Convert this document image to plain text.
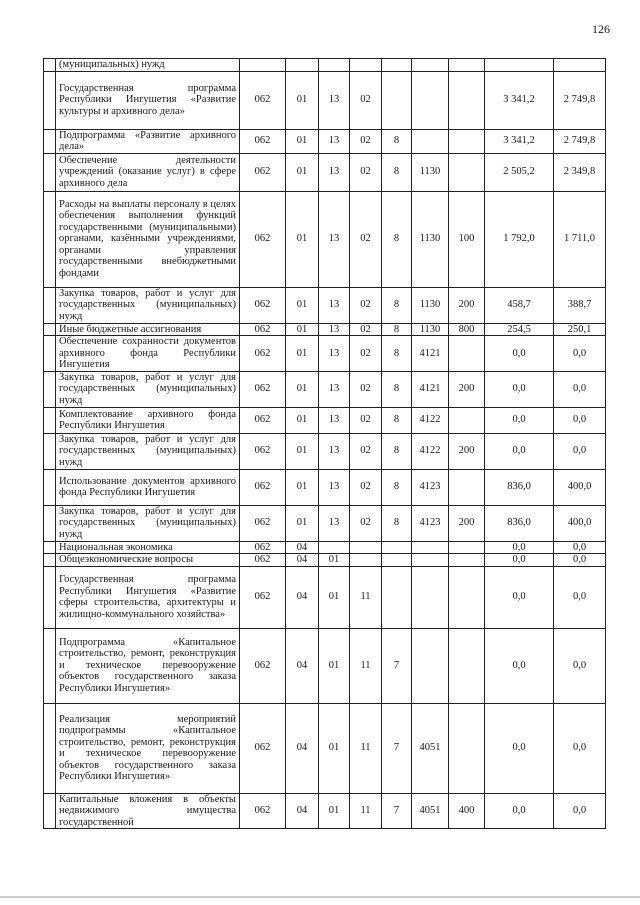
126
	(муниципальных) нужд									
	Государственная программа Республики Ингушетия «Развитие культуры и архивного дела»	062	01	13	02				3 341,2	2 749,8
	Подпрограмма «Развитие архивного дела»	062	01	13	02	8			3 341,2	2 749,8
	Обеспечение деятельности учреждений (оказание услуг) в сфере архивного дела	062	01	13	02	8	1130		2 505,2	2 349,8
	Расходы на выплаты персоналу в целях обеспечения выполнения функций государственными (муниципальными) органами, казёнными учреждениями, органами управления государственными внебюджетными фондами	062	01	13	02	8	1130	100	1 792,0	1 711,0
	Закупка товаров, работ и услуг для государственных (муниципальных) нужд	062	01	13	02	8	1130	200	458,7	388,7
	Иные бюджетные ассигнования	062	01	13	02	8	1130	800	254,5	250,1
	Обеспечение сохранности документов архивного фонда Республики Ингушетия	062	01	13	02	8	4121		0,0	0,0
	Закупка товаров, работ и услуг для государственных (муниципальных) нужд	062	01	13	02	8	4121	200	0,0	0,0
	Комплектование архивного фонда Республики Ингушетия	062	01	13	02	8	4122		0,0	0,0
	Закупка товаров, работ и услуг для государственных (муниципальных) нужд	062	01	13	02	8	4122	200	0,0	0,0
	Использование документов архивного фонда Республики Ингушетия	062	01	13	02	8	4123		836,0	400,0
	Закупка товаров, работ и услуг для государственных (муниципальных) нужд	062	01	13	02	8	4123	200	836,0	400,0
	Национальная экономика	062	04						0,0	0,0
	Общеэкономические вопросы	062	04	01					0,0	0,0
	Государственная программа Республики Ингушетия «Развитие сферы строительства, архитектуры и жилищно-коммунального хозяйства»	062	04	01	11				0,0	0,0
	Подпрограмма «Капитальное строительство, ремонт, реконструкция и техническое перевооружение объектов государственного заказа Республики Ингушетия»	062	04	01	11	7			0,0	0,0
	Реализация мероприятий подпрограммы «Капитальное строительство, ремонт, реконструкция и техническое перевооружение объектов государственного заказа Республики Ингушетия»	062	04	01	11	7	4051		0,0	0,0
	Капитальные вложения в объекты недвижимого имущества государственной	062	04	01	11	7	4051	400	0,0	0,0
